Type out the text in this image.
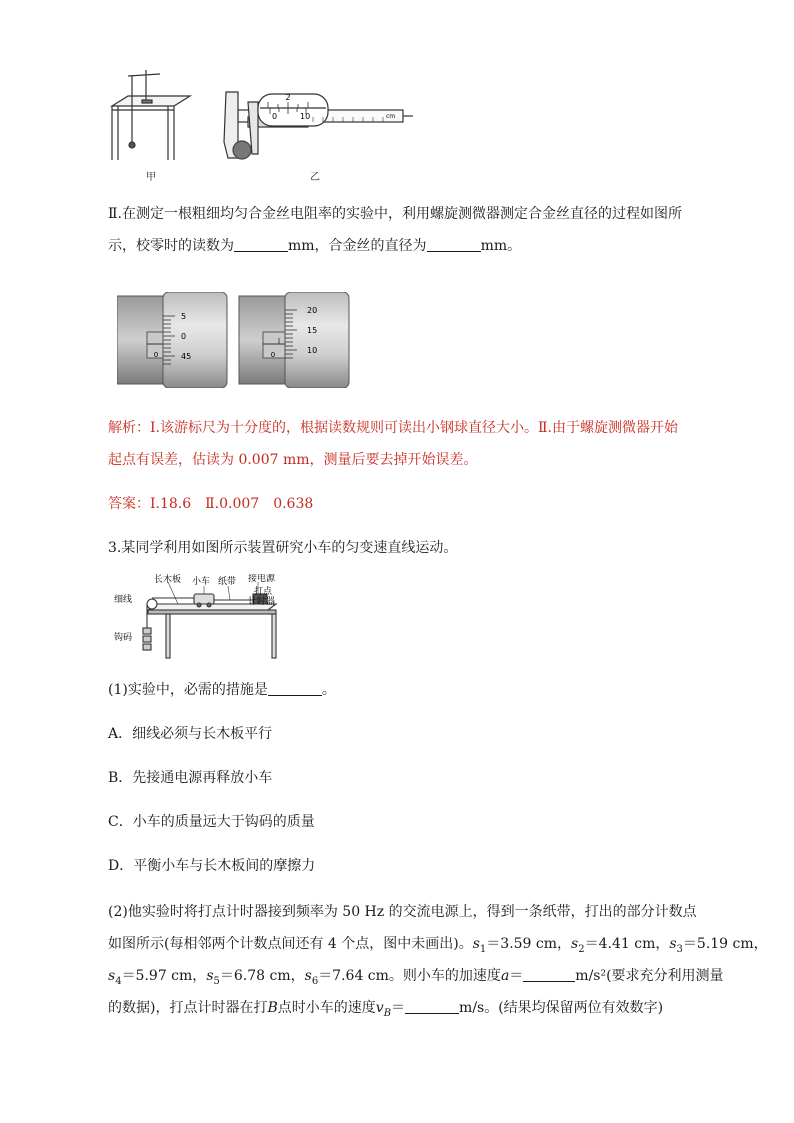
2
0	10	cm
甲	乙
Ⅱ.在测定一根粗细均匀合金丝电阻率的实验中，利用螺旋测微器测定合金丝直径的过程如图所
示，校零时的读数为	mm，合金丝的直径为	mm。
5
0
45
0
20
15
10
0
解析：Ⅰ.该游标尺为十分度的，根据读数规则可读出小钢球直径大小。Ⅱ.由于螺旋测微器开始
起点有误差，估读为 0.007 mm，测量后要去掉开始误差。
答案：Ⅰ.18.6　Ⅱ.0.007　0.638
3.某同学利用如图所示装置研究小车的匀变速直线运动。
细线
钩码
长木板 小车 纸带 接电源
打点
计时器
(1)实验中，必需的措施是	。
A．细线必须与长木板平行
B．先接通电源再释放小车
C．小车的质量远大于钩码的质量
D．平衡小车与长木板间的摩擦力
(2)他实验时将打点计时器接到频率为 50 Hz 的交流电源上，得到一条纸带，打出的部分计数点
如图所示(每相邻两个计数点间还有 4 个点，图中未画出)。$s_1=3.59$ cm，$s_2=4.41$ cm，$s_3=5.19$ cm，
$s_4=5.97$ cm，$s_5=6.78$ cm，$s_6=7.64$ cm。则小车的加速度a＝	m/s²(要求充分利用测量
的数据)，打点计时器在打B点时小车的速度$v_B=$	m/s。(结果均保留两位有效数字)
